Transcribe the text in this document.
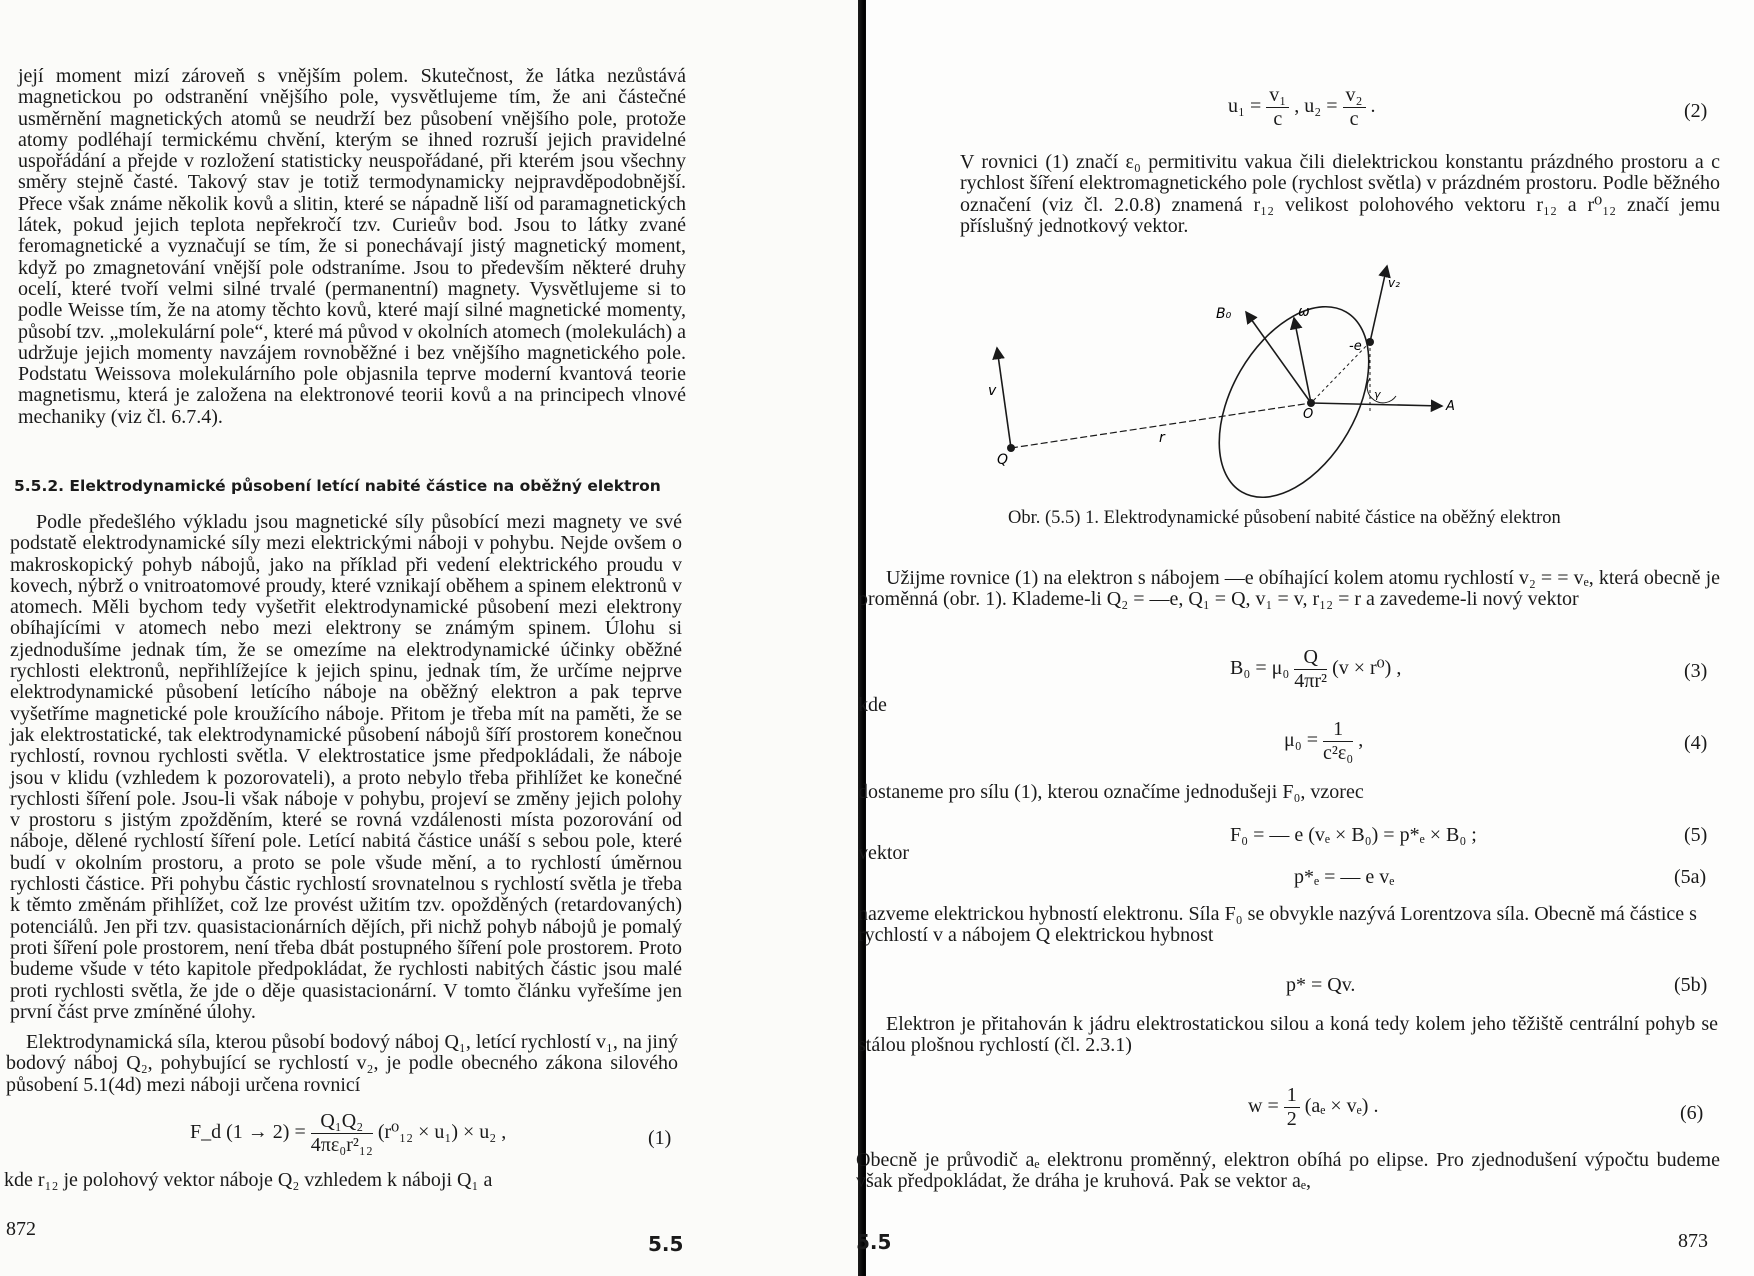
její moment mizí zároveň s vnějším polem. Skutečnost, že látka nezůstává magnetickou po odstranění vnějšího pole, vysvětlujeme tím, že ani částečné usměrnění magnetických atomů se neudrží bez působení vnějšího pole, protože atomy podléhají termickému chvění, kterým se ihned rozruší jejich pravidelné uspořádání a přejde v rozložení statisticky neuspořádané, při kterém jsou všechny směry stejně časté. Takový stav je totiž termodynamicky nejpravděpodobnější. Přece však známe několik kovů a slitin, které se nápadně liší od paramagnetických látek, pokud jejich teplota nepřekročí tzv. Curieův bod. Jsou to látky zvané feromagnetické a vyznačují se tím, že si ponechávají jistý magnetický moment, když po zmagnetování vnější pole odstraníme. Jsou to především některé druhy ocelí, které tvoří velmi silné trvalé (permanentní) magnety. Vysvětlujeme si to podle Weisse tím, že na atomy těchto kovů, které mají silné magnetické momenty, působí tzv. „molekulární pole“, které má původ v okolních atomech (molekulách) a udržuje jejich momenty navzájem rovnoběžné i bez vnějšího magnetického pole. Podstatu Weissova molekulárního pole objasnila teprve moderní kvantová teorie magnetismu, která je založena na elektronové teorii kovů a na principech vlnové mechaniky (viz čl. 6.7.4).

5.5.2. Elektrodynamické působení letící nabité částice na oběžný elektron

Podle předešlého výkladu jsou magnetické síly působící mezi magnety ve své podstatě elektrodynamické síly mezi elektrickými náboji v pohybu. Nejde ovšem o makroskopický pohyb nábojů, jako na příklad při vedení elektrického proudu v kovech, nýbrž o vnitroatomové proudy, které vznikají oběhem a spinem elektronů v atomech. Měli bychom tedy vyšetřit elektrodynamické působení mezi elektrony obíhajícími v atomech nebo mezi elektrony se známým spinem. Úlohu si zjednodušíme jednak tím, že se omezíme na elektrodynamické účinky oběžné rychlosti elektronů, nepřihlížejíce k jejich spinu, jednak tím, že určíme nejprve elektrodynamické působení letícího náboje na oběžný elektron a pak teprve vyšetříme magnetické pole kroužícího náboje. Přitom je třeba mít na paměti, že se jak elektrostatické, tak elektrodynamické působení nábojů šíří prostorem konečnou rychlostí, rovnou rychlosti světla. V elektrostatice jsme předpokládali, že náboje jsou v klidu (vzhledem k pozorovateli), a proto nebylo třeba přihlížet ke konečné rychlosti šíření pole. Jsou-li však náboje v pohybu, projeví se změny jejich polohy v prostoru s jistým zpožděním, které se rovná vzdálenosti místa pozorování od náboje, dělené rychlostí šíření pole. Letící nabitá částice unáší s sebou pole, které budí v okolním prostoru, a proto se pole všude mění, a to rychlostí úměrnou rychlosti částice. Při pohybu částic rychlostí srovnatelnou s rychlostí světla je třeba k těmto změnám přihlížet, což lze provést užitím tzv. opožděných (retardovaných) potenciálů. Jen při tzv. quasistacionárních dějích, při nichž pohyb nábojů je pomalý proti šíření pole prostorem, není třeba dbát postupného šíření pole prostorem. Proto budeme všude v této kapitole předpokládat, že rychlosti nabitých částic jsou malé proti rychlosti světla, že jde o děje quasistacionární. V tomto článku vyřešíme jen první část prve zmíněné úlohy.

Elektrodynamická síla, kterou působí bodový náboj Q₁, letící rychlostí v₁, na jiný bodový náboj Q₂, pohybující se rychlostí v₂, je podle obecného zákona silového působení 5.1(4d) mezi náboji určena rovnicí

F_d $(1 \to 2) = \frac{\text{Q₁Q₂}}{\text{4πε₀r²₁₂}} (r^0_{12} \times u_1) \times u_2$ ,	(1)

kde r₁₂ je polohový vektor náboje Q₂ vzhledem k náboji Q₁ a

872

5.5

$u_1 = \frac{\text{v₁}}{c}$ , $u_2 = \frac{\text{v₂}}{c}$ .	(2)

V rovnici (1) značí ε₀ permitivitu vakua čili dielektrickou konstantu prázdného prostoru a c rychlost šíření elektromagnetického pole (rychlost světla) v prázdném prostoru. Podle běžného označení (viz čl. 2.0.8) znamená r₁₂ velikost polohového vektoru r₁₂ a r⁰₁₂ značí jemu příslušný jednotkový vektor.

v
Q
r
B₀	ω
v₂
-e
γ
O
A

Obr. (5.5) 1. Elektrodynamické působení nabité částice na oběžný elektron

Užijme rovnice (1) na elektron s nábojem —e obíhající kolem atomu rychlostí v₂ = = vₑ, která obecně je proměnná (obr. 1). Klademe-li Q₂ = —e, Q₁ = Q, v₁ = v, r₁₂ = r a zavedeme-li nový vektor

$B_0 = \mu_0 \frac{Q}{\text{4πr²}} (v \times r^0)$ ,	(3)

kde

$\mu_0 = \frac{1}{\text{c²ε₀}}$ ,	(4)

dostaneme pro sílu (1), kterou označíme jednodušeji F₀, vzorec

F₀ = — e (vₑ × B₀) = p*ₑ × B₀ ;	(5)

vektor

p*ₑ = — e vₑ	(5a)

nazveme elektrickou hybností elektronu. Síla F₀ se obvykle nazývá Lorentzova síla. Obecně má částice s rychlostí v a nábojem Q elektrickou hybnost

p* = Qv.	(5b)

Elektron je přitahován k jádru elektrostatickou silou a koná tedy kolem jeho těžiště centrální pohyb se stálou plošnou rychlostí (čl. 2.3.1)

$w = \frac{1}{2} (a_e \times v_e)$ .	(6)

Obecně je průvodič aₑ elektronu proměnný, elektron obíhá po elipse. Pro zjednodušení výpočtu budeme však předpokládat, že dráha je kruhová. Pak se vektor aₑ,

5.5	873
